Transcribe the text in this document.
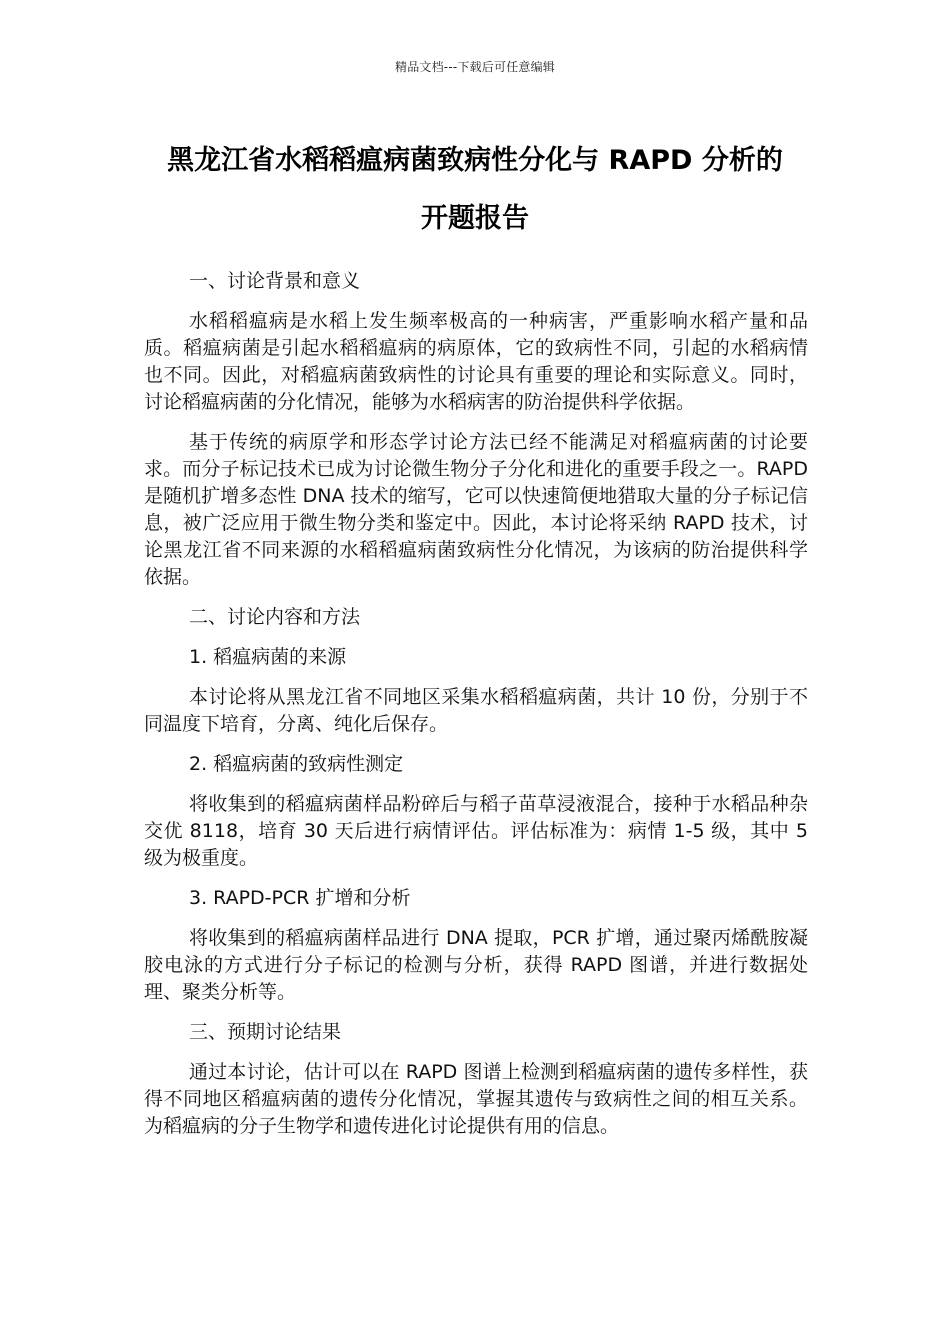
精品文档---下载后可任意编辑
黑龙江省水稻稻瘟病菌致病性分化与 RAPD 分析的
开题报告

一、讨论背景和意义

水稻稻瘟病是水稻上发生频率极高的一种病害，严重影响水稻产量和品质。稻瘟病菌是引起水稻稻瘟病的病原体，它的致病性不同，引起的水稻病情也不同。因此，对稻瘟病菌致病性的讨论具有重要的理论和实际意义。同时，讨论稻瘟病菌的分化情况，能够为水稻病害的防治提供科学依据。

基于传统的病原学和形态学讨论方法已经不能满足对稻瘟病菌的讨论要求。而分子标记技术已成为讨论微生物分子分化和进化的重要手段之一。RAPD 是随机扩增多态性 DNA 技术的缩写，它可以快速简便地猎取大量的分子标记信息，被广泛应用于微生物分类和鉴定中。因此，本讨论将采纳 RAPD 技术，讨论黑龙江省不同来源的水稻稻瘟病菌致病性分化情况，为该病的防治提供科学依据。

二、讨论内容和方法

1. 稻瘟病菌的来源

本讨论将从黑龙江省不同地区采集水稻稻瘟病菌，共计 10 份，分别于不同温度下培育，分离、纯化后保存。

2. 稻瘟病菌的致病性测定

将收集到的稻瘟病菌样品粉碎后与稻子苗草浸液混合，接种于水稻品种杂交优 8118，培育 30 天后进行病情评估。评估标准为：病情 1-5 级，其中 5 级为极重度。

3. RAPD-PCR 扩增和分析

将收集到的稻瘟病菌样品进行 DNA 提取，PCR 扩增，通过聚丙烯酰胺凝胶电泳的方式进行分子标记的检测与分析，获得 RAPD 图谱，并进行数据处理、聚类分析等。

三、预期讨论结果

通过本讨论，估计可以在 RAPD 图谱上检测到稻瘟病菌的遗传多样性，获得不同地区稻瘟病菌的遗传分化情况，掌握其遗传与致病性之间的相互关系。为稻瘟病的分子生物学和遗传进化讨论提供有用的信息。
